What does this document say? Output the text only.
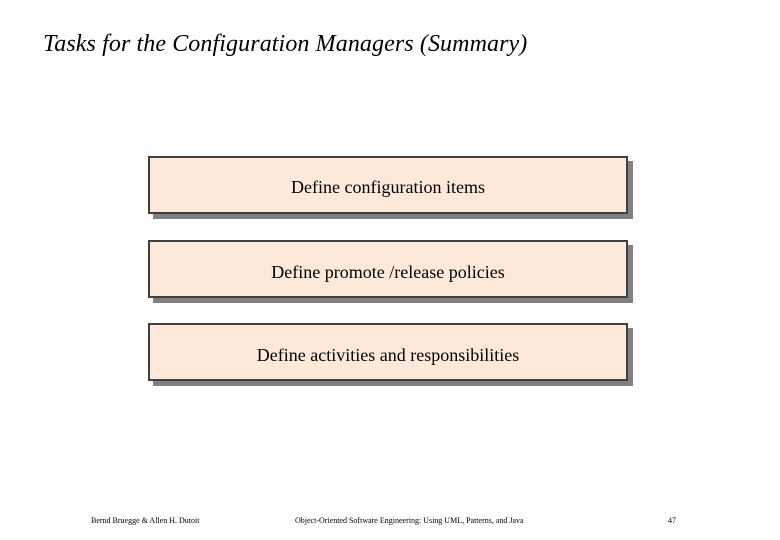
Tasks for the Configuration Managers (Summary)
Define configuration items
Define promote /release policies
Define activities and responsibilities
Bernd Bruegge & Allen H. Dutoit	Object-Oriented Software Engineering: Using UML, Patterns, and Java	47
